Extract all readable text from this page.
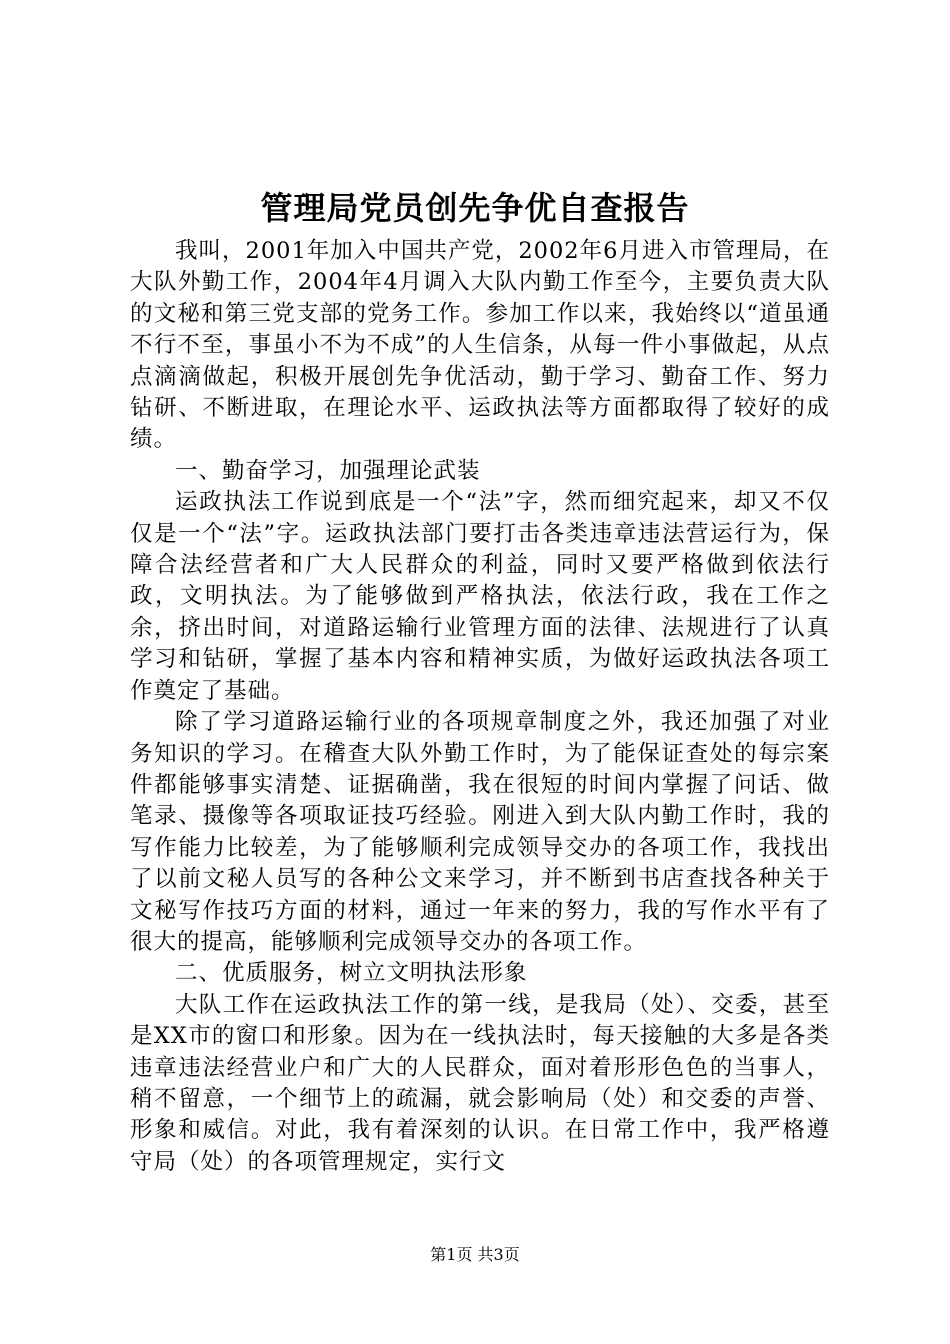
管理局党员创先争优自查报告

我叫，2001年加入中国共产党，2002年6月进入市管理局，在大队外勤工作，2004年4月调入大队内勤工作至今，主要负责大队的文秘和第三党支部的党务工作。参加工作以来，我始终以“道虽通不行不至，事虽小不为不成”的人生信条，从每一件小事做起，从点点滴滴做起，积极开展创先争优活动，勤于学习、勤奋工作、努力钻研、不断进取，在理论水平、运政执法等方面都取得了较好的成绩。

一、勤奋学习，加强理论武装

运政执法工作说到底是一个“法”字，然而细究起来，却又不仅仅是一个“法”字。运政执法部门要打击各类违章违法营运行为，保障合法经营者和广大人民群众的利益，同时又要严格做到依法行政，文明执法。为了能够做到严格执法，依法行政，我在工作之余，挤出时间，对道路运输行业管理方面的法律、法规进行了认真学习和钻研，掌握了基本内容和精神实质，为做好运政执法各项工作奠定了基础。

除了学习道路运输行业的各项规章制度之外，我还加强了对业务知识的学习。在稽查大队外勤工作时，为了能保证查处的每宗案件都能够事实清楚、证据确凿，我在很短的时间内掌握了问话、做笔录、摄像等各项取证技巧经验。刚进入到大队内勤工作时，我的写作能力比较差，为了能够顺利完成领导交办的各项工作，我找出了以前文秘人员写的各种公文来学习，并不断到书店查找各种关于文秘写作技巧方面的材料，通过一年来的努力，我的写作水平有了很大的提高，能够顺利完成领导交办的各项工作。

二、优质服务，树立文明执法形象

大队工作在运政执法工作的第一线，是我局（处）、交委，甚至是XX市的窗口和形象。因为在一线执法时，每天接触的大多是各类违章违法经营业户和广大的人民群众，面对着形形色色的当事人，稍不留意，一个细节上的疏漏，就会影响局（处）和交委的声誉、形象和威信。对此，我有着深刻的认识。在日常工作中，我严格遵守局（处）的各项管理规定，实行文

第1页 共3页
